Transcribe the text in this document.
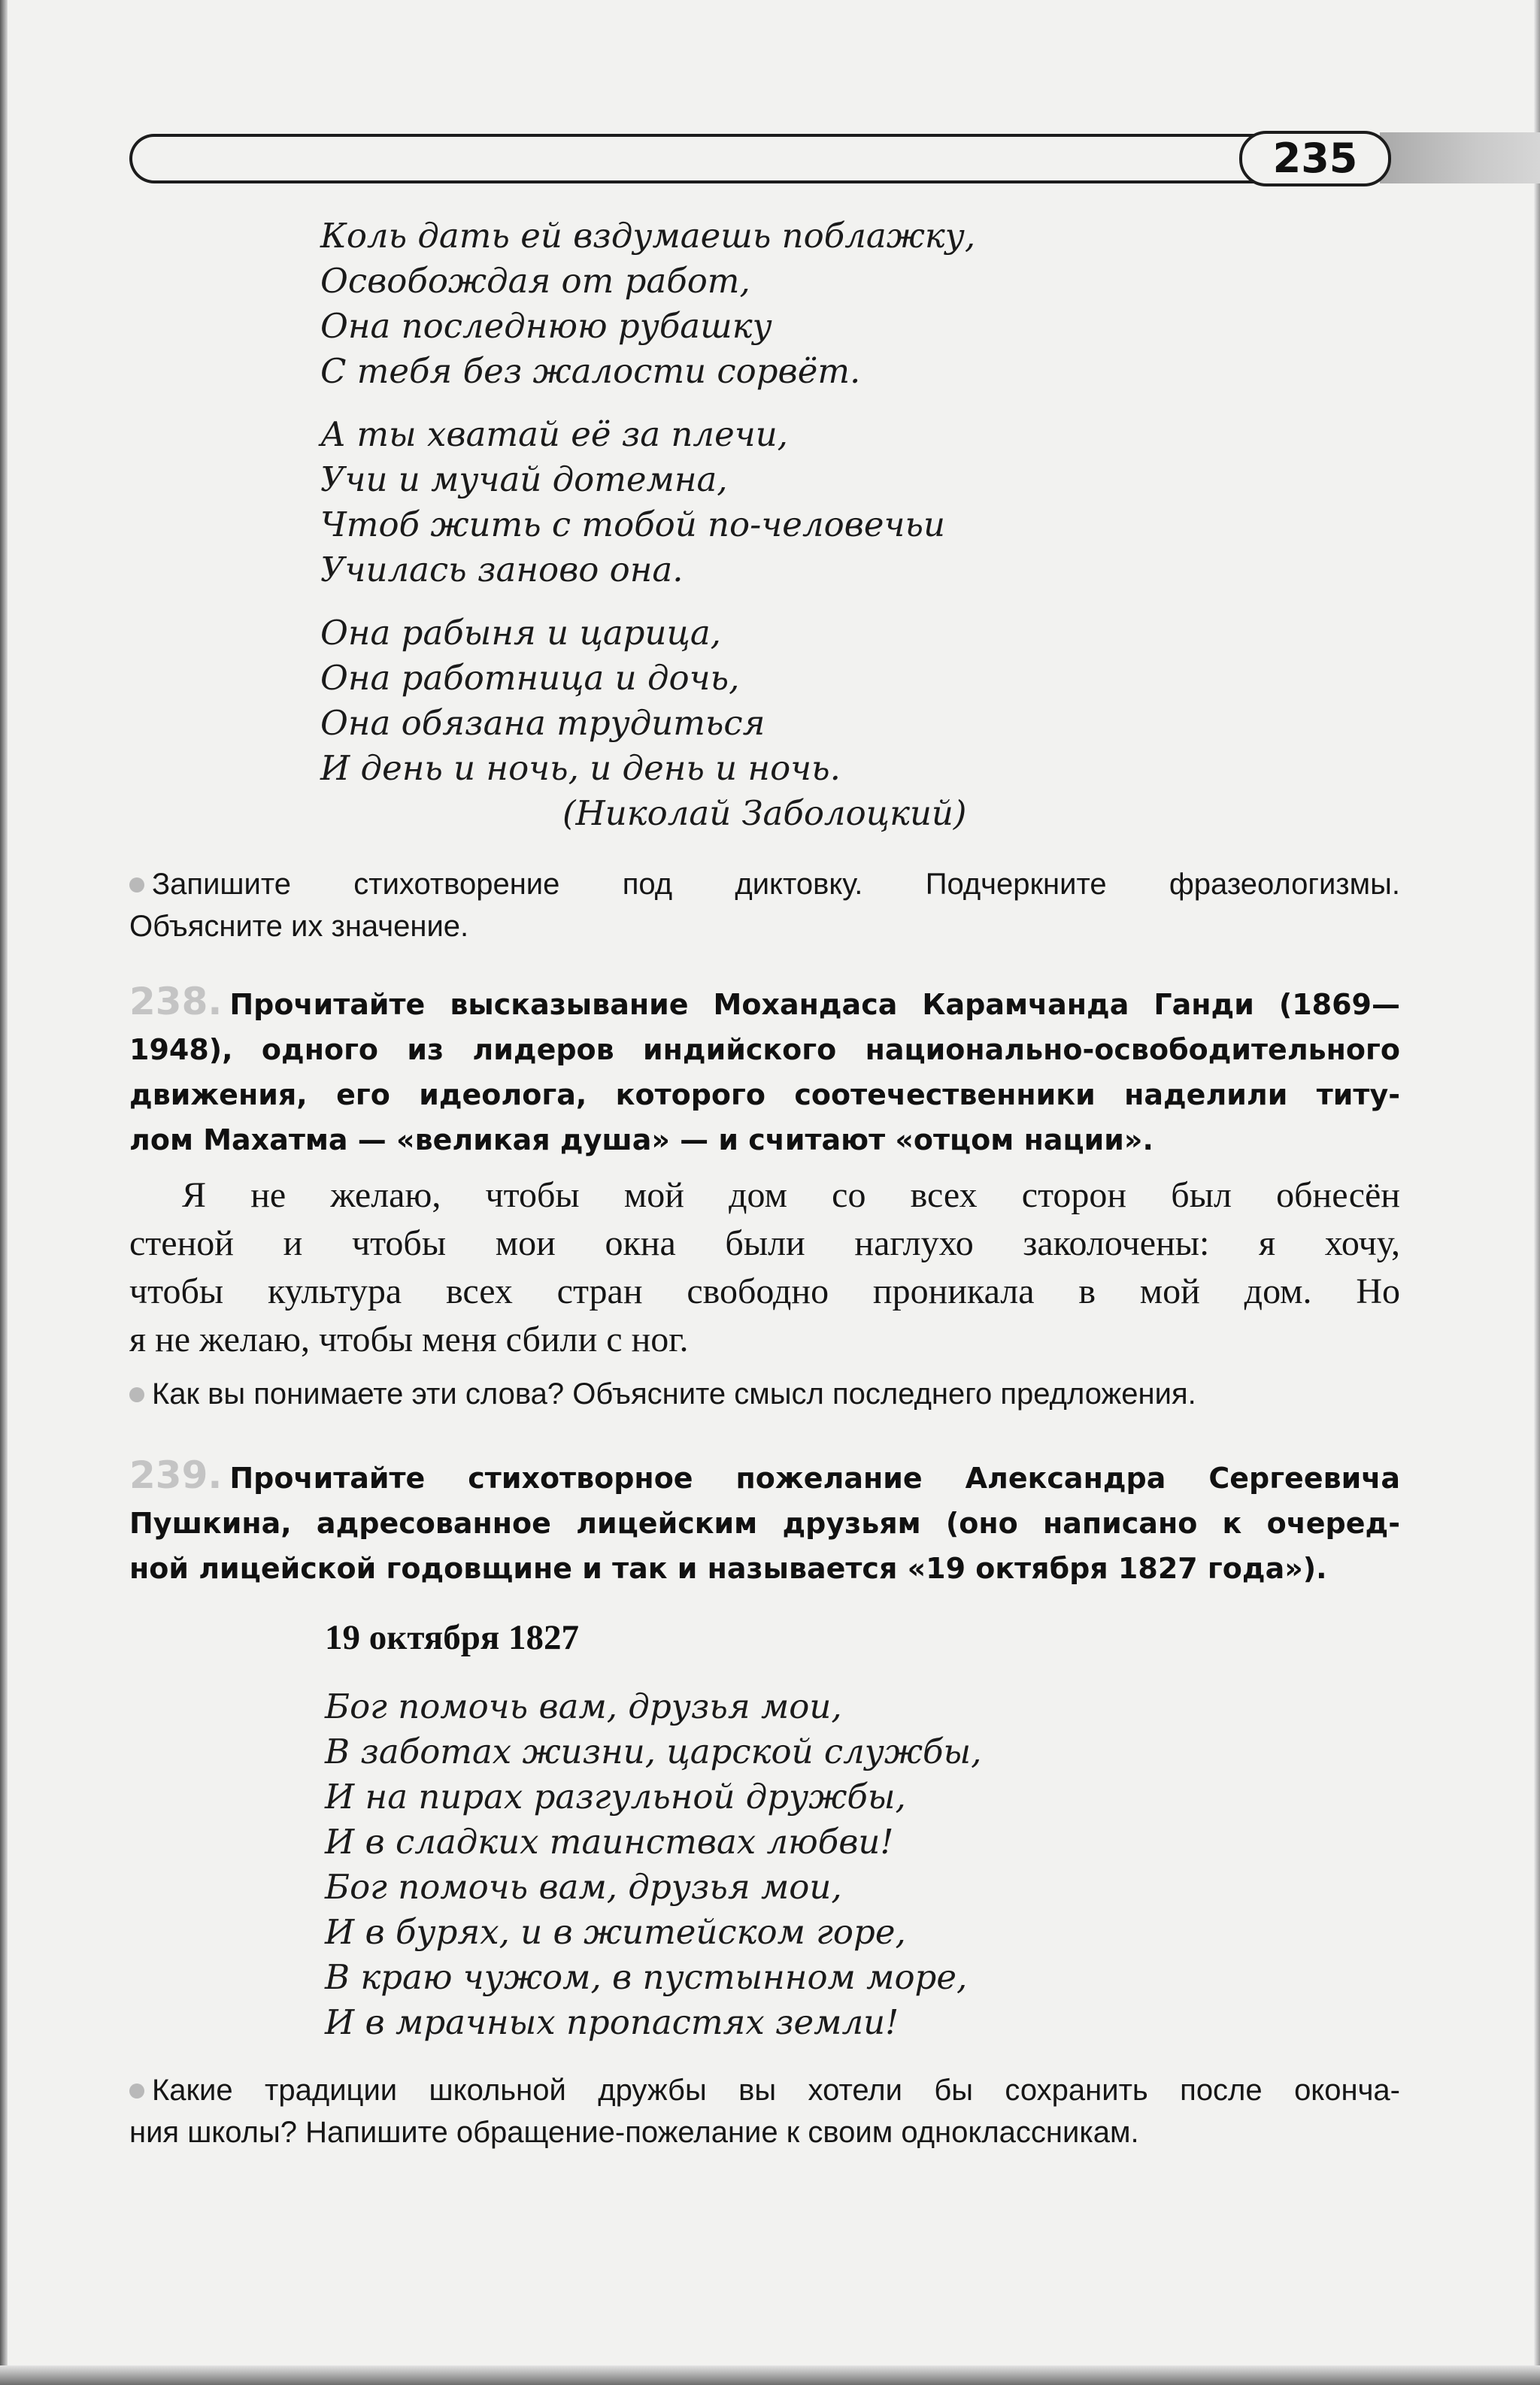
235
Коль дать ей вздумаешь поблажку,
Освобождая от работ,
Она последнюю рубашку
С тебя без жалости сорвёт.
А ты хватай её за плечи,
Учи и мучай дотемна,
Чтоб жить с тобой по-человечьи
Училась заново она.
Она рабыня и царица,
Она работница и дочь,
Она обязана трудиться
И день и ночь, и день и ночь.
(Николай Заболоцкий)
Запишите стихотворение под диктовку. Подчеркните фразеологизмы.
Объясните их значение.
238. Прочитайте высказывание Мохандаса Карамчанда Ганди (1869—
1948), одного из лидеров индийского национально-освободительного
движения, его идеолога, которого соотечественники наделили титу-
лом Махатма — «великая душа» — и считают «отцом нации».
Я не желаю, чтобы мой дом со всех сторон был обнесён
стеной и чтобы мои окна были наглухо заколочены: я хочу,
чтобы культура всех стран свободно проникала в мой дом. Но
я не желаю, чтобы меня сбили с ног.
Как вы понимаете эти слова? Объясните смысл последнего предложения.
239. Прочитайте стихотворное пожелание Александра Сергеевича
Пушкина, адресованное лицейским друзьям (оно написано к очеред-
ной лицейской годовщине и так и называется «19 октября 1827 года»).
19 октября 1827
Бог помочь вам, друзья мои,
В заботах жизни, царской службы,
И на пирах разгульной дружбы,
И в сладких таинствах любви!
Бог помочь вам, друзья мои,
И в бурях, и в житейском горе,
В краю чужом, в пустынном море,
И в мрачных пропастях земли!
Какие традиции школьной дружбы вы хотели бы сохранить после оконча-
ния школы? Напишите обращение-пожелание к своим одноклассникам.
